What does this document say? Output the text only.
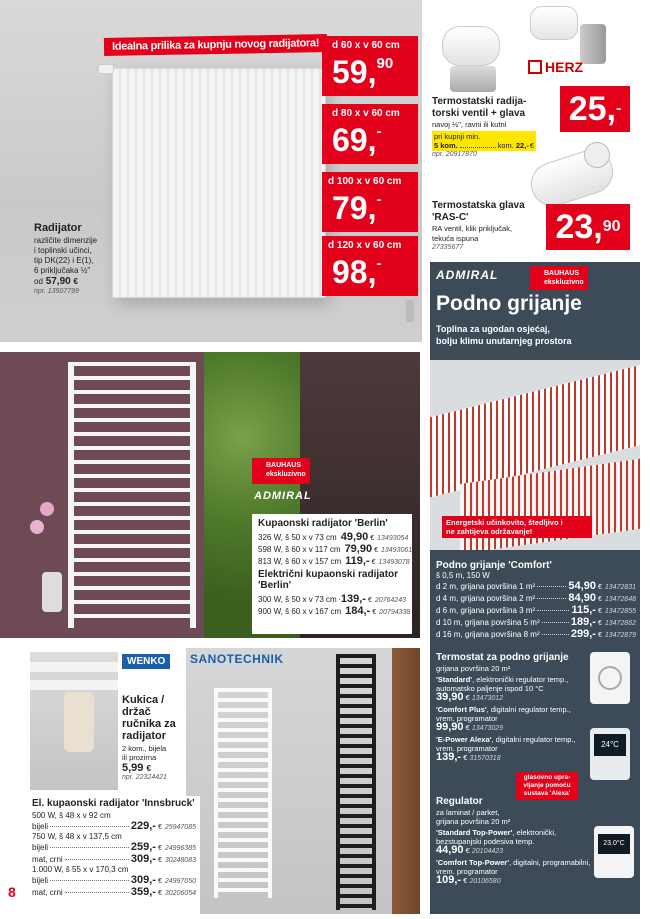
Idealna prilika za kupnju novog radijatora!
Radijator
različite dimenzije
i toplinski učinci,
tip DK(22) i E(1),
6 priključaka ½"
od 57,90 €
npr. 13507799
d 60 x v 60 cm
59,90
d 80 x v 60 cm
69,-
d 100 x v 60 cm
79,-
d 120 x v 60 cm
98,-
HERZ
Termostatski radija-
torski ventil + glava
navoj ½", ravni ili kutni
pri kupnji min.
5 kom.	kom. 22,- €
npr. 20917870
25,-
Termostatska glava
'RAS-C'
RA ventil, klik priključak,
tekuća ispuna
27335677
23,90
BAUHAUS
ekskluzivno
ADMIRAL
Kupaonski radijator 'Berlin'
326 W, š 50 x v 73 cm 49,90 € 13493054
598 W, š 60 x v 117 cm 79,90 € 13493061
813 W, š 60 x v 157 cm 119,- € 13493078
Električni kupaonski radijator
'Berlin'
300 W, š 50 x v 73 cm 139,- € 20764243
900 W, š 60 x v 167 cm 184,- € 20794338
ADMIRAL	BAUHAUS
ekskluzivno
Podno grijanje
Toplina za ugodan osjećaj,
bolju klimu unutarnjeg prostora
Energetski učinkovito, štedljivo i
ne zahtijeva održavanje!
Podno grijanje 'Comfort'
š 0,5 m, 150 W
d 2 m, grijana površina 1 m²	54,90 € 13472831
d 4 m, grijana površina 2 m²	84,90 € 13472848
d 6 m, grijana površina 3 m²	115,- € 13472855
d 10 m, grijana površina 5 m²	189,- € 13472862
d 16 m, grijana površina 8 m²	299,- € 13472879
Termostat za podno grijanje
grijana površina 20 m²
'Standard', elektronički regulator temp., automatsko paljenje ispod 10 °C
39,90 € 13473012
'Comfort Plus', digitalni regulator temp., vrem. programator
99,90 € 13473029
'E-Power Alexa', digitalni regulator temp., vrem. programator
139,- € 31570318
24°C
glasovno upra-
vljanje pomoću
sustava 'Alexa'
Regulator
za laminat / parket,
grijana površina 20 m²
'Standard Top-Power', elektronički, bezstupanjski podesiva temp.
44,90 € 20104423
'Comfort Top-Power', digitalni, programabilni, vrem. programator
109,- € 20106580
23.0°C
WENKO
Kukica /
držač
ručnika za
radijator
2 kom., bijela
ili prozirna
5,99 €
npr. 22324421
SANOTECHNIK
El. kupaonski radijator 'Innsbruck'
500 W, š 48 x v 92 cm
bijeli	229,- € 25947085
750 W, š 48 x v 137,5 cm
bijeli	259,- € 24996385
mat, crni	309,- € 30248083
1.000 W, š 55 x v 170,3 cm
bijeli	309,- € 24997050
mat, crni	359,- € 30206054
8
